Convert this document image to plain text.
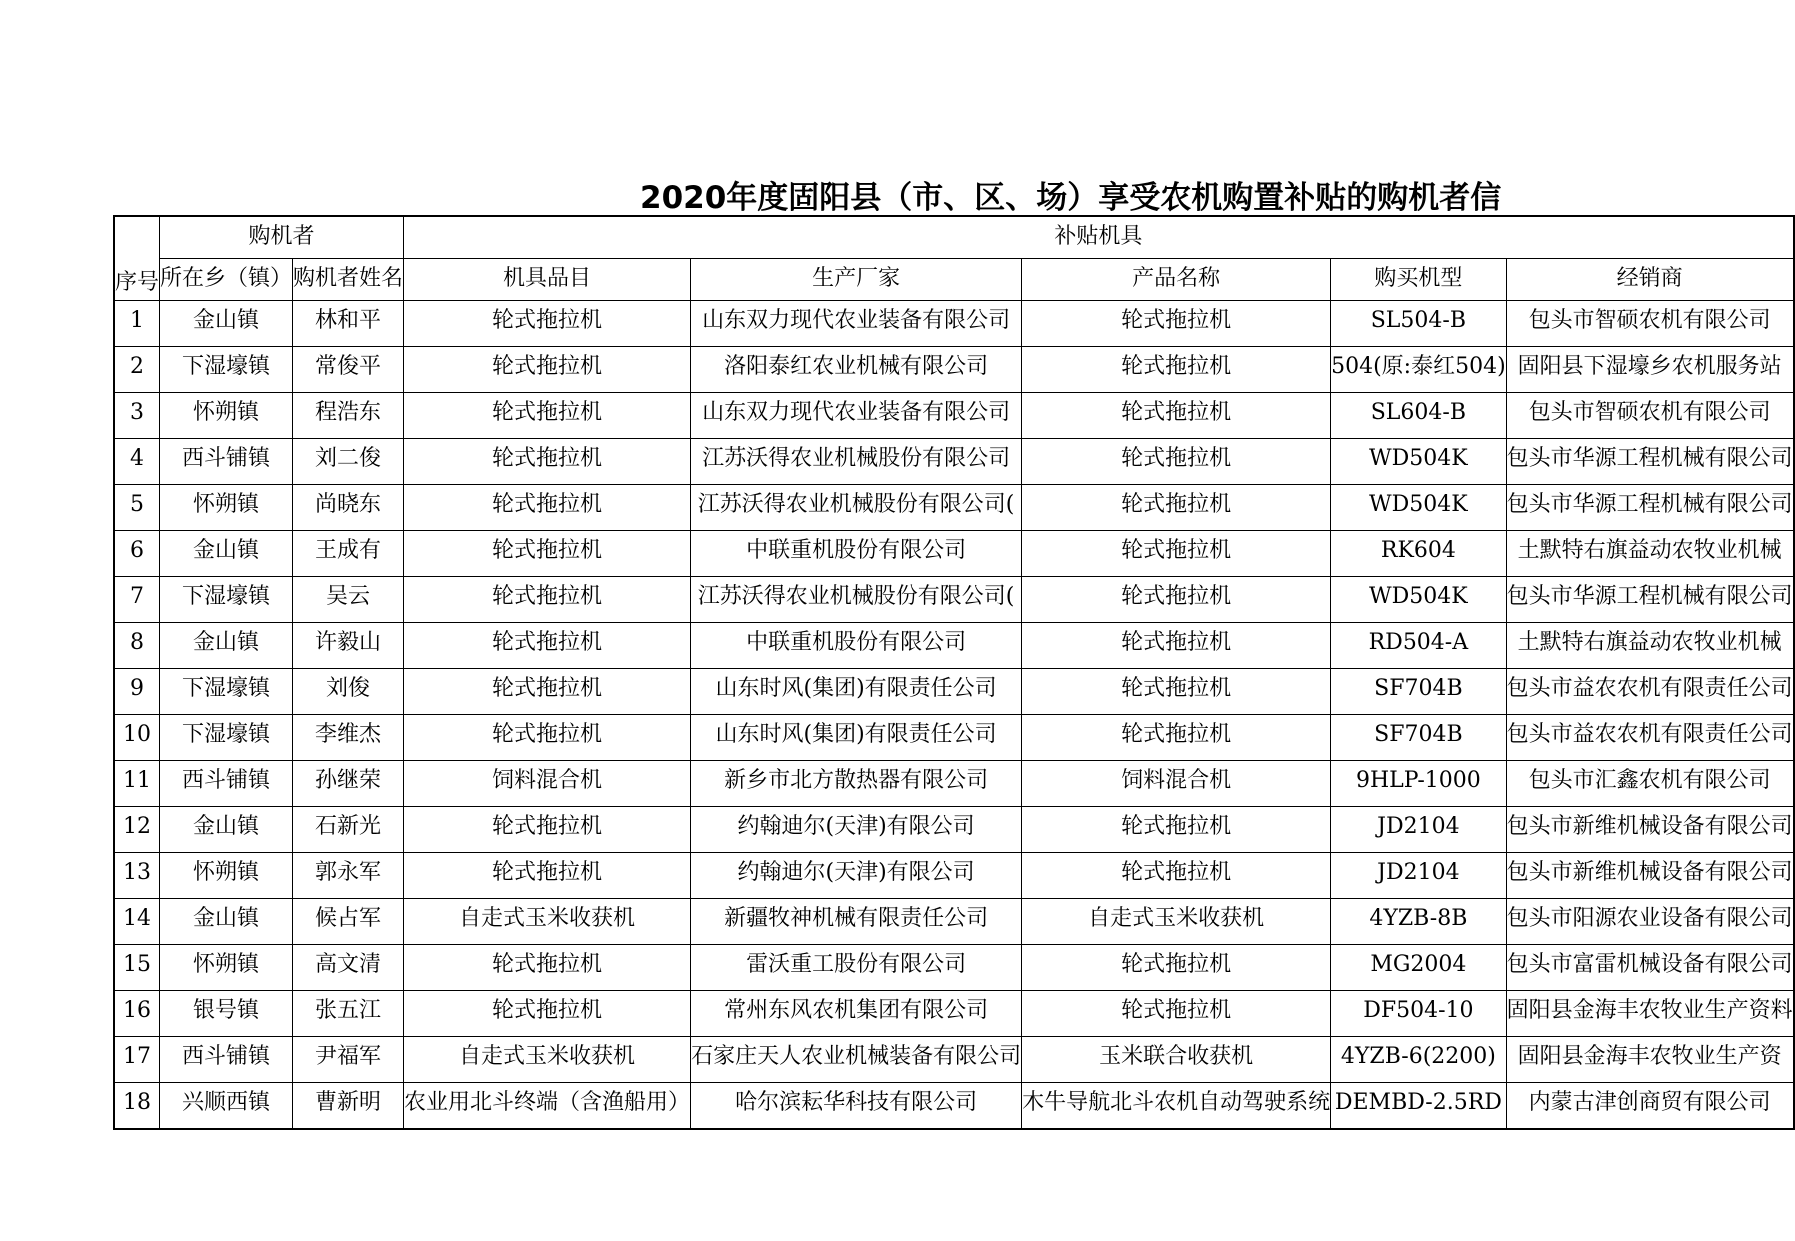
2020年度固阳县（市、区、场）享受农机购置补贴的购机者信
序号	购机者		补贴机具				
	所在乡（镇）	购机者姓名	机具品目	生产厂家	产品名称	购买机型	经销商

1	金山镇	林和平	轮式拖拉机	山东双力现代农业装备有限公司	轮式拖拉机	SL504-B	包头市智硕农机有限公司

2	下湿壕镇	常俊平	轮式拖拉机	洛阳泰红农业机械有限公司	轮式拖拉机	504(原:泰红504)	固阳县下湿壕乡农机服务站

3	怀朔镇	程浩东	轮式拖拉机	山东双力现代农业装备有限公司	轮式拖拉机	SL604-B	包头市智硕农机有限公司

4	西斗铺镇	刘二俊	轮式拖拉机	江苏沃得农业机械股份有限公司	轮式拖拉机	WD504K	包头市华源工程机械有限公司

5	怀朔镇	尚晓东	轮式拖拉机	江苏沃得农业机械股份有限公司(	轮式拖拉机	WD504K	包头市华源工程机械有限公司

6	金山镇	王成有	轮式拖拉机	中联重机股份有限公司	轮式拖拉机	RK604	土默特右旗益动农牧业机械

7	下湿壕镇	吴云	轮式拖拉机	江苏沃得农业机械股份有限公司(	轮式拖拉机	WD504K	包头市华源工程机械有限公司

8	金山镇	许毅山	轮式拖拉机	中联重机股份有限公司	轮式拖拉机	RD504-A	土默特右旗益动农牧业机械

9	下湿壕镇	刘俊	轮式拖拉机	山东时风(集团)有限责任公司	轮式拖拉机	SF704B	包头市益农农机有限责任公司

10	下湿壕镇	李维杰	轮式拖拉机	山东时风(集团)有限责任公司	轮式拖拉机	SF704B	包头市益农农机有限责任公司

11	西斗铺镇	孙继荣	饲料混合机	新乡市北方散热器有限公司	饲料混合机	9HLP-1000	包头市汇鑫农机有限公司

12	金山镇	石新光	轮式拖拉机	约翰迪尔(天津)有限公司	轮式拖拉机	JD2104	包头市新维机械设备有限公司

13	怀朔镇	郭永军	轮式拖拉机	约翰迪尔(天津)有限公司	轮式拖拉机	JD2104	包头市新维机械设备有限公司

14	金山镇	候占军	自走式玉米收获机	新疆牧神机械有限责任公司	自走式玉米收获机	4YZB-8B	包头市阳源农业设备有限公司

15	怀朔镇	高文清	轮式拖拉机	雷沃重工股份有限公司	轮式拖拉机	MG2004	包头市富雷机械设备有限公司

16	银号镇	张五江	轮式拖拉机	常州东风农机集团有限公司	轮式拖拉机	DF504-10	固阳县金海丰农牧业生产资料

17	西斗铺镇	尹福军	自走式玉米收获机	石家庄天人农业机械装备有限公司	玉米联合收获机	4YZB-6(2200)	固阳县金海丰农牧业生产资

18	兴顺西镇	曹新明	农业用北斗终端（含渔船用）	哈尔滨耘华科技有限公司	木牛导航北斗农机自动驾驶系统	DEMBD-2.5RD	内蒙古津创商贸有限公司
